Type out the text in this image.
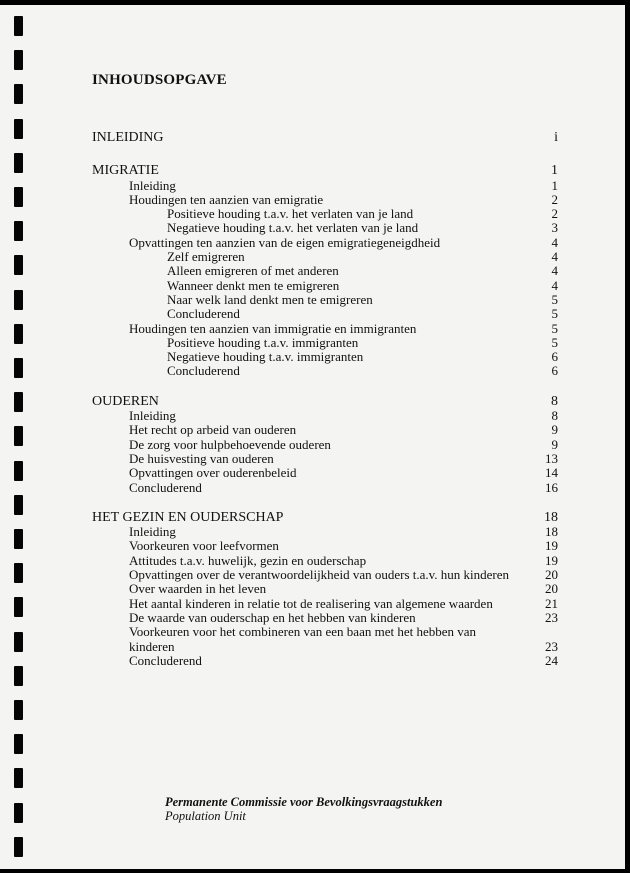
INHOUDSOPGAVE
INLEIDING	i
MIGRATIE	1
Inleiding	1
Houdingen ten aanzien van emigratie	2
Positieve houding t.a.v. het verlaten van je land	2
Negatieve houding t.a.v. het verlaten van je land	3
Opvattingen ten aanzien van de eigen emigratiegeneigdheid	4
Zelf emigreren	4
Alleen emigreren of met anderen	4
Wanneer denkt men te emigreren	4
Naar welk land denkt men te emigreren	5
Concluderend	5
Houdingen ten aanzien van immigratie en immigranten	5
Positieve houding t.a.v. immigranten	5
Negatieve houding t.a.v. immigranten	6
Concluderend	6
OUDEREN	8
Inleiding	8
Het recht op arbeid van ouderen	9
De zorg voor hulpbehoevende ouderen	9
De huisvesting van ouderen	13
Opvattingen over ouderenbeleid	14
Concluderend	16
HET GEZIN EN OUDERSCHAP	18
Inleiding	18
Voorkeuren voor leefvormen	19
Attitudes t.a.v. huwelijk, gezin en ouderschap	19
Opvattingen over de verantwoordelijkheid van ouders t.a.v. hun kinderen	20
Over waarden in het leven	20
Het aantal kinderen in relatie tot de realisering van algemene waarden	21
De waarde van ouderschap en het hebben van kinderen	23
Voorkeuren voor het combineren van een baan met het hebben van
kinderen	23
Concluderend	24
Permanente Commissie voor Bevolkingsvraagstukken
Population Unit
